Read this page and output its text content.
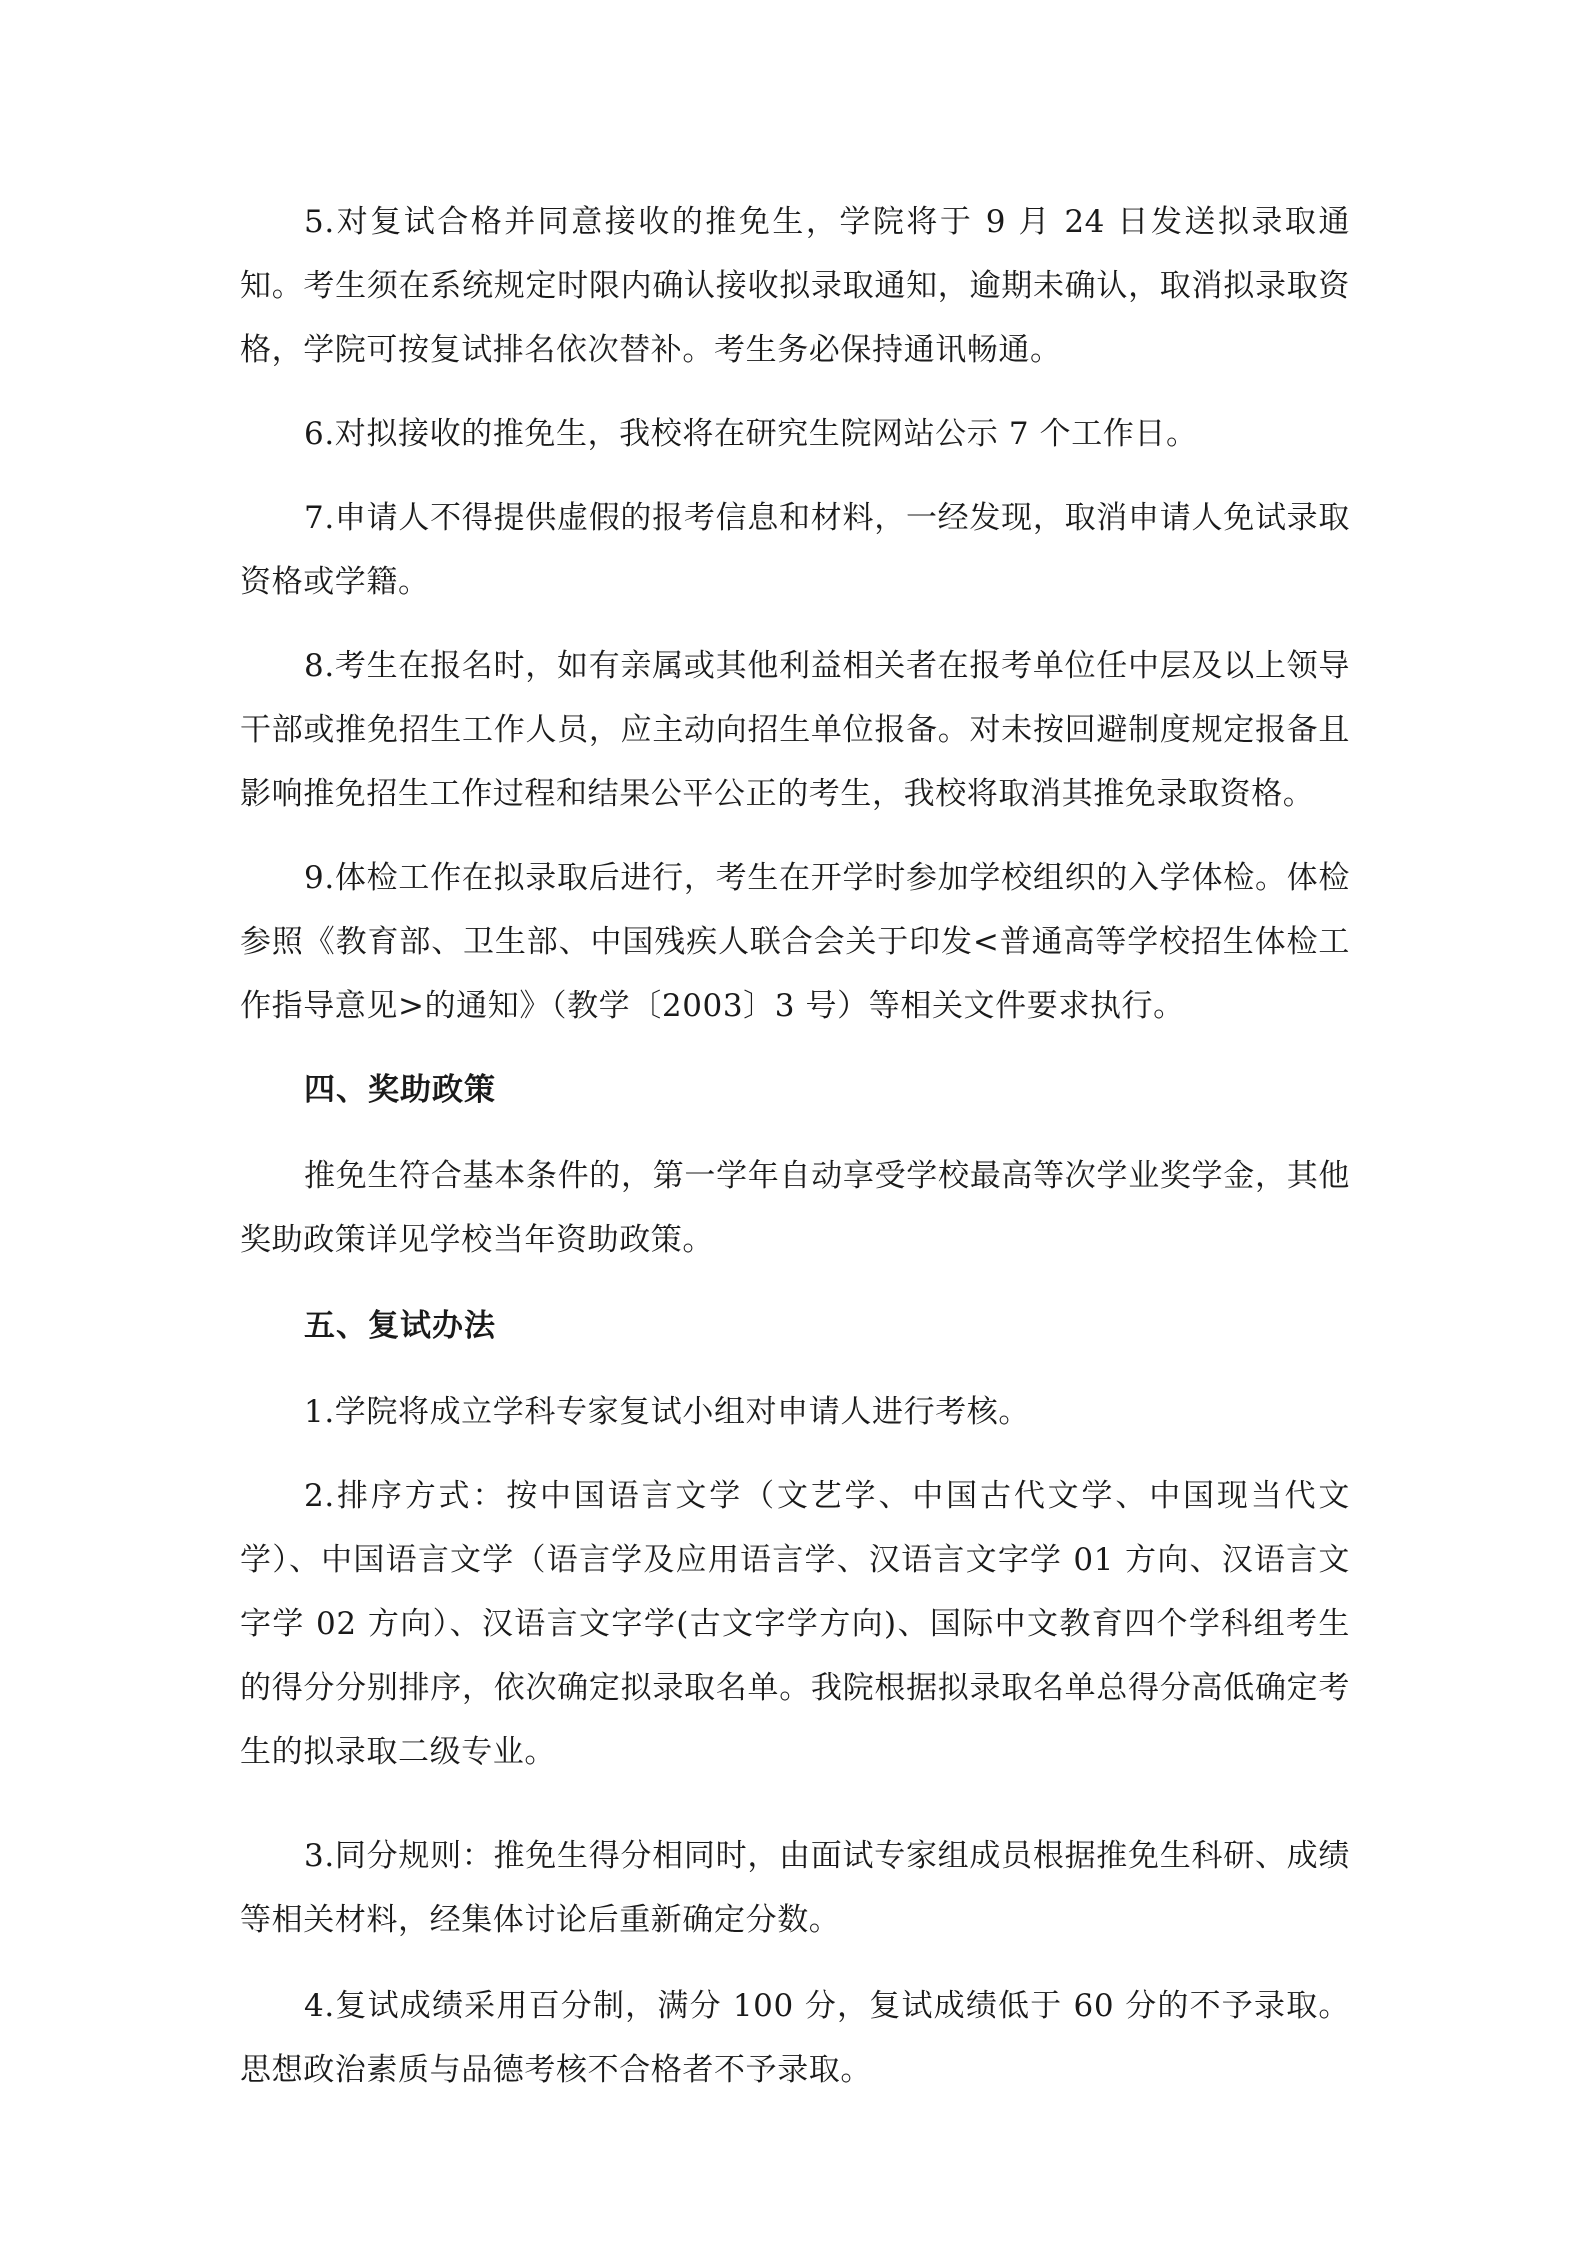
5.对复试合格并同意接收的推免生，学院将于 9 月 24 日发送拟录取通知。考生须在系统规定时限内确认接收拟录取通知，逾期未确认，取消拟录取资格，学院可按复试排名依次替补。考生务必保持通讯畅通。

6.对拟接收的推免生，我校将在研究生院网站公示 7 个工作日。

7.申请人不得提供虚假的报考信息和材料，一经发现，取消申请人免试录取资格或学籍。

8.考生在报名时，如有亲属或其他利益相关者在报考单位任中层及以上领导干部或推免招生工作人员，应主动向招生单位报备。对未按回避制度规定报备且影响推免招生工作过程和结果公平公正的考生，我校将取消其推免录取资格。

9.体检工作在拟录取后进行，考生在开学时参加学校组织的入学体检。体检参照《教育部、卫生部、中国残疾人联合会关于印发<普通高等学校招生体检工作指导意见>的通知》（教学〔2003〕3 号）等相关文件要求执行。

四、奖助政策

推免生符合基本条件的，第一学年自动享受学校最高等次学业奖学金，其他奖助政策详见学校当年资助政策。

五、复试办法

1.学院将成立学科专家复试小组对申请人进行考核。

2.排序方式：按中国语言文学（文艺学、中国古代文学、中国现当代文学）、中国语言文学（语言学及应用语言学、汉语言文字学 01 方向、汉语言文字学 02 方向）、汉语言文字学(古文字学方向)、国际中文教育四个学科组考生的得分分别排序，依次确定拟录取名单。我院根据拟录取名单总得分高低确定考生的拟录取二级专业。

3.同分规则：推免生得分相同时，由面试专家组成员根据推免生科研、成绩等相关材料，经集体讨论后重新确定分数。

4.复试成绩采用百分制，满分 100 分，复试成绩低于 60 分的不予录取。思想政治素质与品德考核不合格者不予录取。
